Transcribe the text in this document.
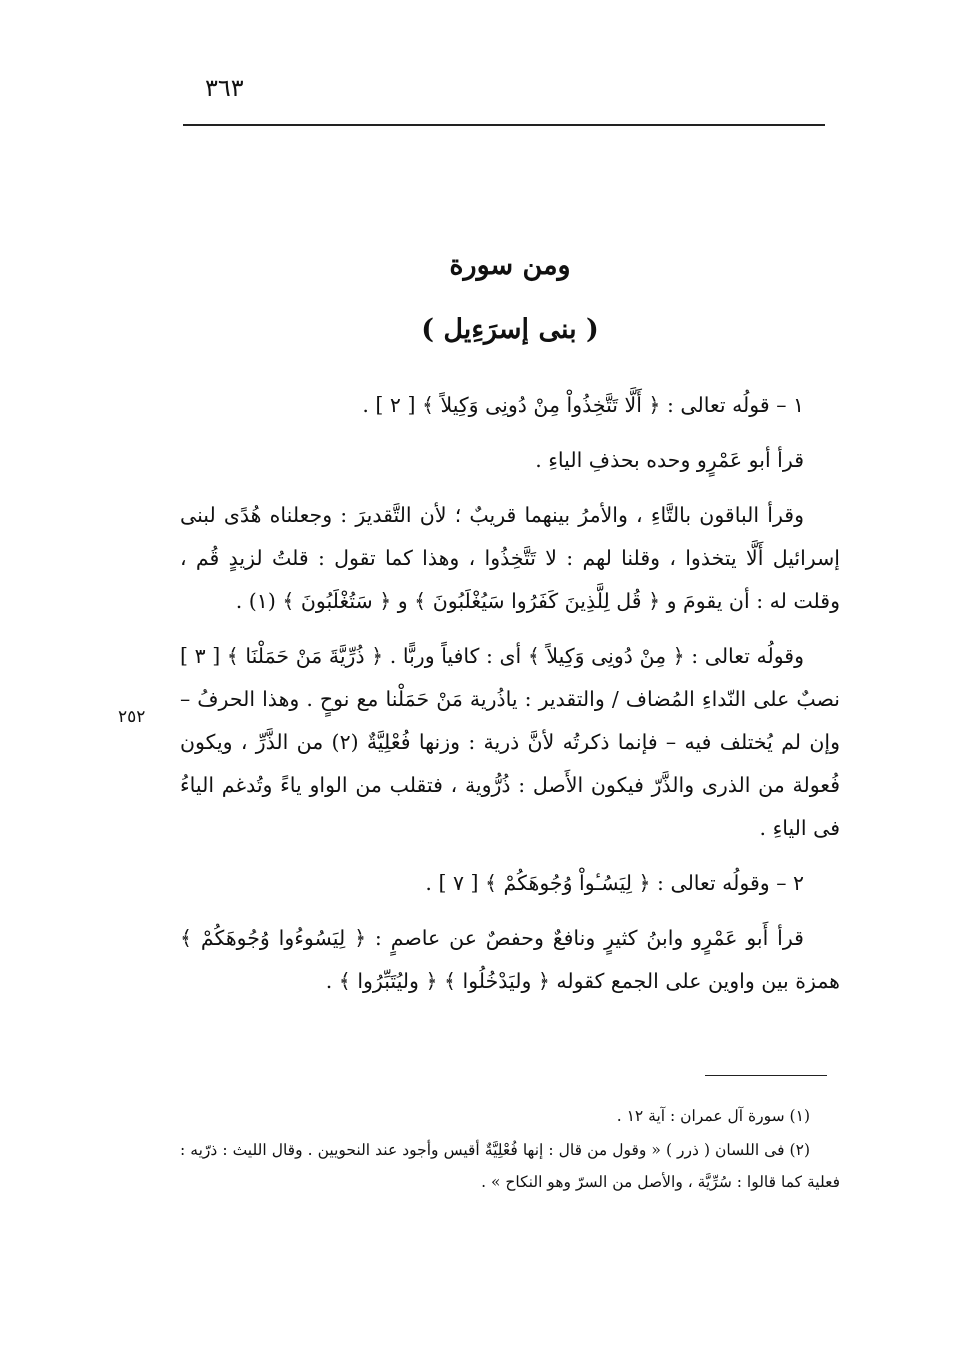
٣٦٣
٢٥٢
ومن سورة
( بنى إسرَءِيل )

١ – قولُه تعالى : ﴿ أَلَّا تَتَّخِذُواْ مِنْ دُونِى وَكِيلاً ﴾ [ ٢ ] .

قرأ أبو عَمْرٍو وحده بحذفِ الياءِ .

وقرأ الباقون بالتَّاءِ ، والأمرُ بينهما قريبٌ ؛ لأن التَّقديرَ : وجعلناه هُدًى لبنى إسرائيل أَلَّا يتخذوا ، وقلنا لهم : لا تَتَّخِذُوا ، وهذا كما تقول : قلتُ لزيدٍ قُم ، وقلت له : أن يقومَ و ﴿ قُل لِلَّذِينَ كَفَرُوا سَيُغْلَبُونَ ﴾ و ﴿ سَتُغْلَبُونَ ﴾ (١) .

وقولُه تعالى : ﴿ مِنْ دُونِى وَكِيلاً ﴾ أى : كافياً وربًّا . ﴿ ذُرِّيَّةَ مَنْ حَمَلْنَا ﴾ [ ٣ ] نصبٌ على النّداءِ المُضاف / والتقدير : ياذُرية مَنْ حَمَلْنا مع نوحٍ . وهذا الحرفُ – وإن لم يُختلف فيه – فإنما ذكرتُه لأنَّ ذرية : وزنها فُعْلِيَّةٌ (٢) من الذَّرِّ ، ويكون فُعولة من الذرى والذَّرّ فيكون الأَصل : ذُرُّوية ، فتقلب من الواو ياءً وتُدغم الياءُ فى الياءِ .

٢ – وقولُه تعالى : ﴿ لِيَسُـٔواْ وُجُوهَكُمْ ﴾ [ ٧ ] .

قرأ أَبو عَمْرٍو وابنُ كثيرٍ ونافعٌ وحفصٌ عن عاصمٍ : ﴿ لِيَسُوءُوا وُجُوهَكُمْ ﴾ همزة بين واوين على الجمع كقوله ﴿ وليَدْخُلُوا ﴾ ﴿ وليُتَبِّرُوا ﴾ .

(١) سورة آل عمران : آية ١٢ .

(٢) فى اللسان ( ذرر ) « وقول من قال : إنها فُعْلِيَّةٌ أقيس وأجود عند النحويين . وقال الليث : ذرّيه : فعلية كما قالوا : سُرِّيَّة ، والأصل من السرّ وهو النكاح » .
